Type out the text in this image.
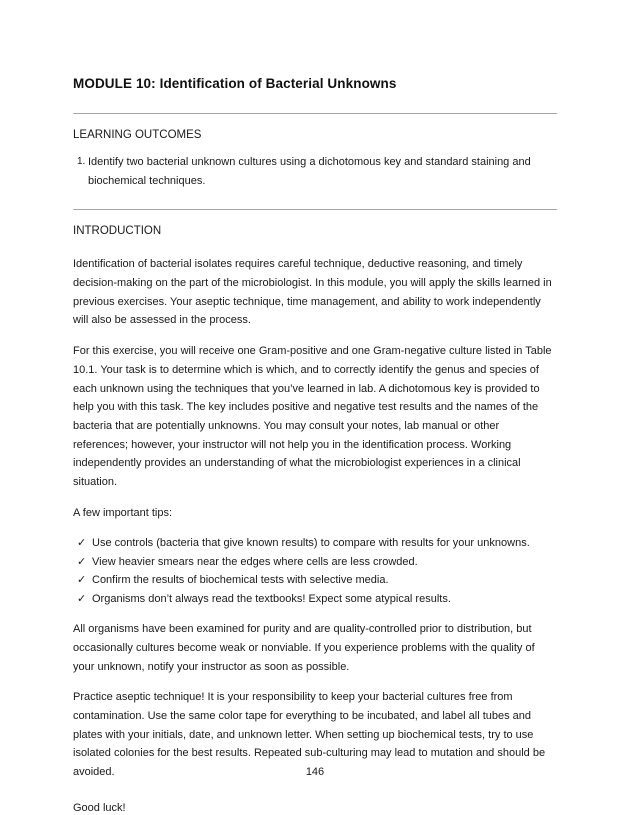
MODULE 10: Identification of Bacterial Unknowns
LEARNING OUTCOMES
1. Identify two bacterial unknown cultures using a dichotomous key and standard staining and biochemical techniques.
INTRODUCTION

Identification of bacterial isolates requires careful technique, deductive reasoning, and timely decision-making on the part of the microbiologist. In this module, you will apply the skills learned in previous exercises. Your aseptic technique, time management, and ability to work independently will also be assessed in the process.

For this exercise, you will receive one Gram-positive and one Gram-negative culture listed in Table 10.1. Your task is to determine which is which, and to correctly identify the genus and species of each unknown using the techniques that you’ve learned in lab. A dichotomous key is provided to help you with this task. The key includes positive and negative test results and the names of the bacteria that are potentially unknowns. You may consult your notes, lab manual or other references; however, your instructor will not help you in the identification process. Working independently provides an understanding of what the microbiologist experiences in a clinical situation.

A few important tips:

✓ Use controls (bacteria that give known results) to compare with results for your unknowns.
✓ View heavier smears near the edges where cells are less crowded.
✓ Confirm the results of biochemical tests with selective media.
✓ Organisms don’t always read the textbooks! Expect some atypical results.

All organisms have been examined for purity and are quality-controlled prior to distribution, but occasionally cultures become weak or nonviable. If you experience problems with the quality of your unknown, notify your instructor as soon as possible.

Practice aseptic technique! It is your responsibility to keep your bacterial cultures free from contamination. Use the same color tape for everything to be incubated, and label all tubes and plates with your initials, date, and unknown letter. When setting up biochemical tests, try to use isolated colonies for the best results. Repeated sub-culturing may lead to mutation and should be avoided.

Good luck!

146
